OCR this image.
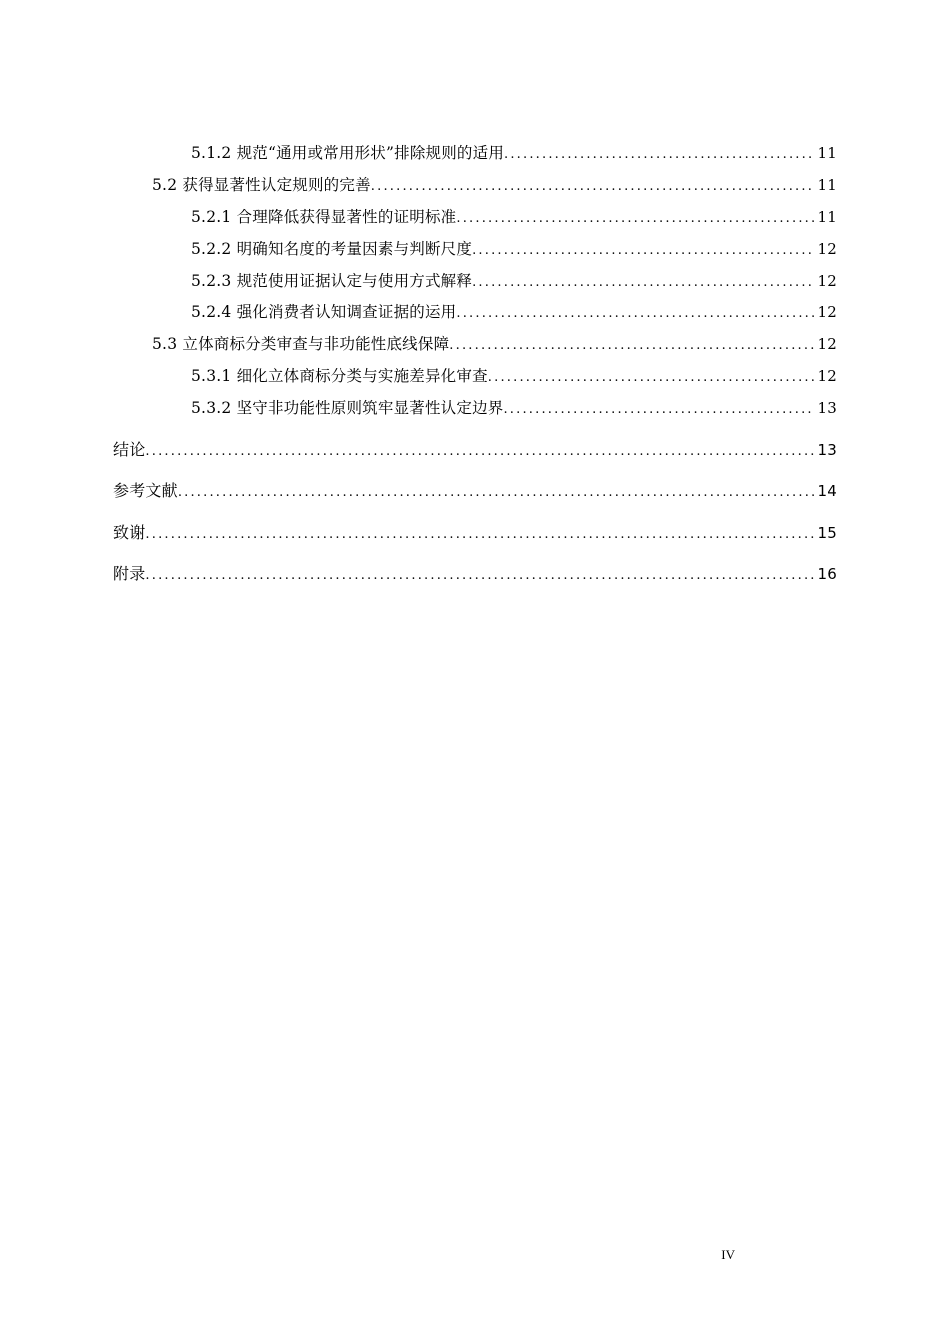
5.1.2 规范“通用或常用形状”排除规则的适用 .....	11
5.2 获得显著性认定规则的完善 .....	11
5.2.1 合理降低获得显著性的证明标准 .....	11
5.2.2 明确知名度的考量因素与判断尺度 .....	12
5.2.3 规范使用证据认定与使用方式解释 .....	12
5.2.4 强化消费者认知调查证据的运用 .....	12
5.3 立体商标分类审查与非功能性底线保障 .....	12
5.3.1 细化立体商标分类与实施差异化审查 .....	12
5.3.2 坚守非功能性原则筑牢显著性认定边界 .....	13
结论 .....	13
参考文献 .....	14
致谢 .....	15
附录 .....	16
IV
